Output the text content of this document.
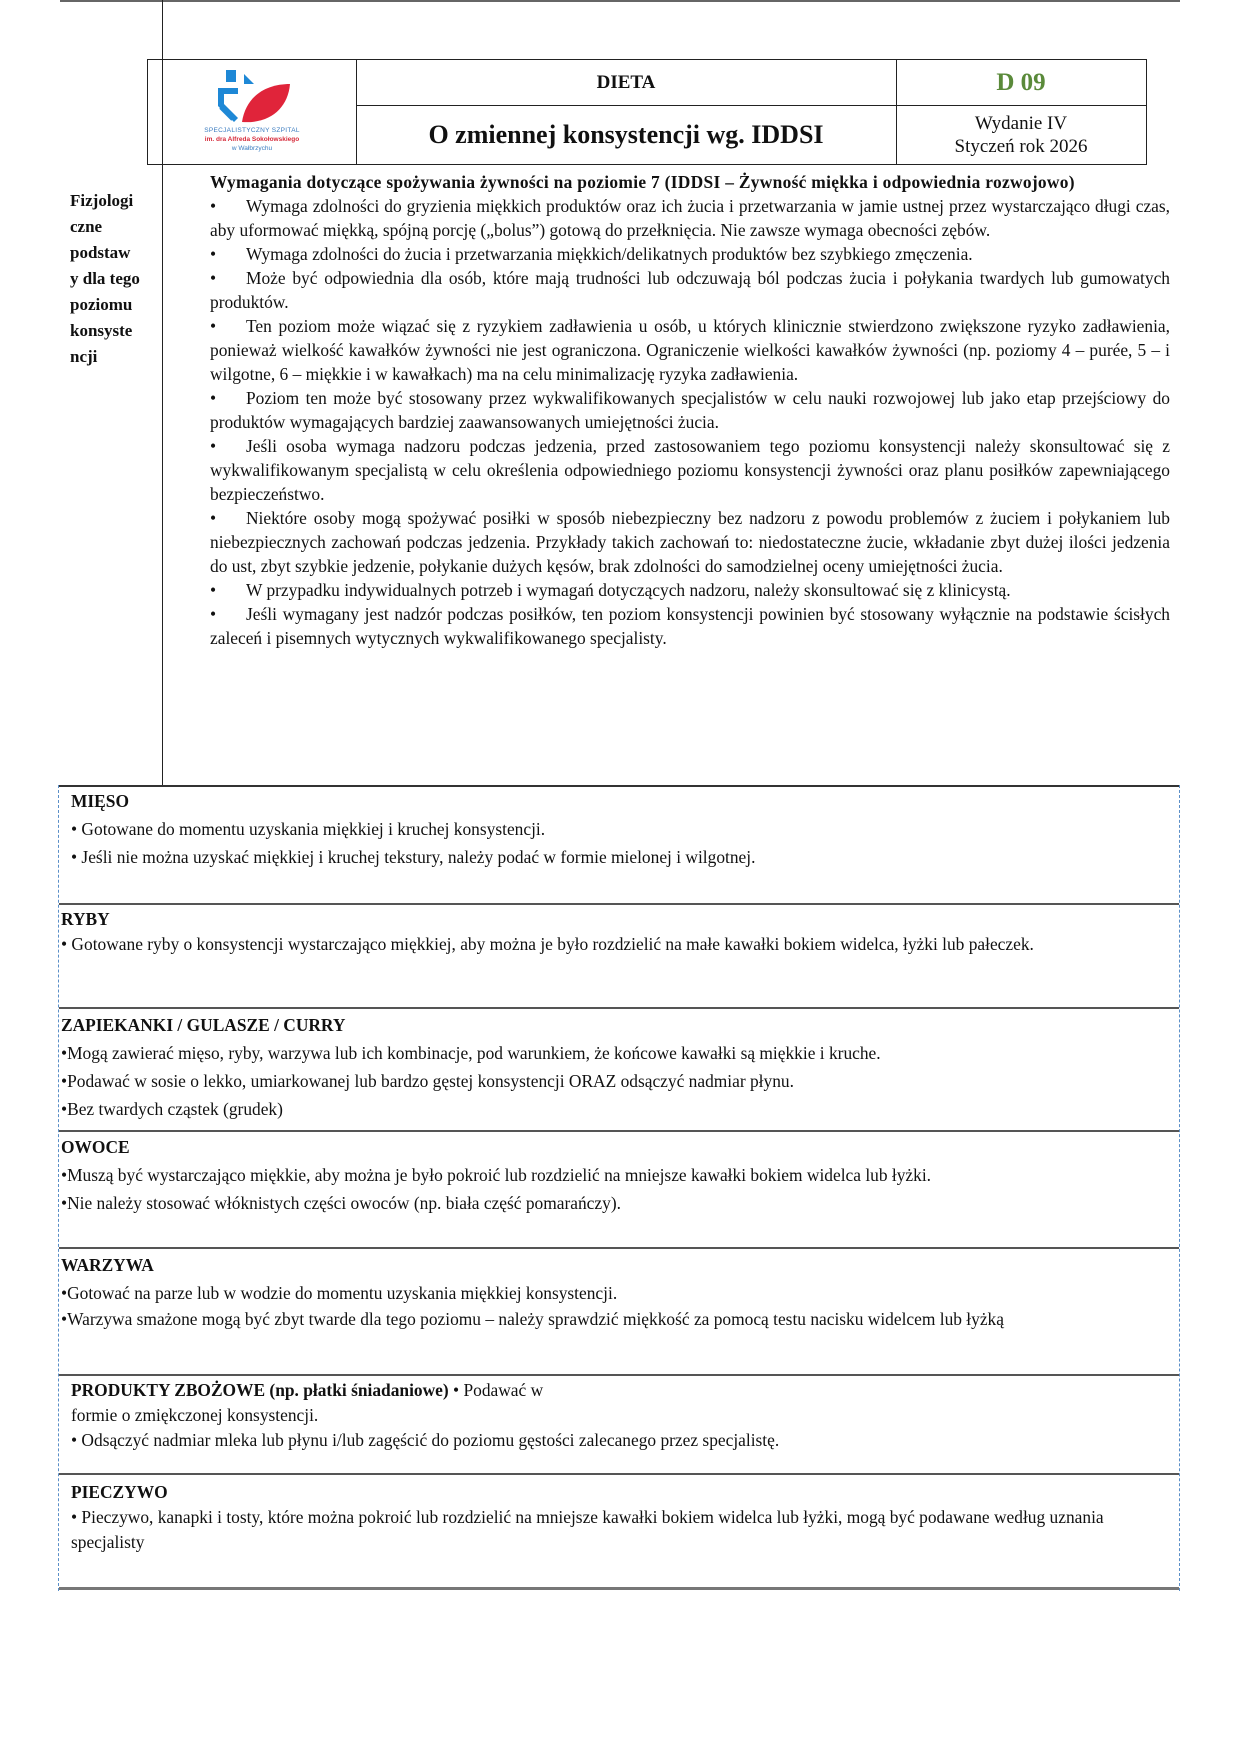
SPECJALISTYCZNY SZPITAL
im. dra Alfreda Sokołowskiego
w Wałbrzychu
DIETA
O zmiennej konsystencji wg. IDDSI
D 09
Wydanie IV
Styczeń rok 2026
Fizjologi
czne
podstaw
y dla tego
poziomu
konsyste
ncji
Wymagania dotyczące spożywania żywności na poziomie 7 (IDDSI – Żywność miękka i odpowiednia rozwojowo)
• Wymaga zdolności do gryzienia miękkich produktów oraz ich żucia i przetwarzania w jamie ustnej przez wystarczająco długi czas, aby uformować miękką, spójną porcję („bolus”) gotową do przełknięcia. Nie zawsze wymaga obecności zębów.
• Wymaga zdolności do żucia i przetwarzania miękkich/delikatnych produktów bez szybkiego zmęczenia.
• Może być odpowiednia dla osób, które mają trudności lub odczuwają ból podczas żucia i połykania twardych lub gumowatych produktów.
• Ten poziom może wiązać się z ryzykiem zadławienia u osób, u których klinicznie stwierdzono zwiększone ryzyko zadławienia, ponieważ wielkość kawałków żywności nie jest ograniczona. Ograniczenie wielkości kawałków żywności (np. poziomy 4 – purée, 5 – i wilgotne, 6 – miękkie i w kawałkach) ma na celu minimalizację ryzyka zadławienia.
• Poziom ten może być stosowany przez wykwalifikowanych specjalistów w celu nauki rozwojowej lub jako etap przejściowy do produktów wymagających bardziej zaawansowanych umiejętności żucia.
• Jeśli osoba wymaga nadzoru podczas jedzenia, przed zastosowaniem tego poziomu konsystencji należy skonsultować się z wykwalifikowanym specjalistą w celu określenia odpowiedniego poziomu konsystencji żywności oraz planu posiłków zapewniającego bezpieczeństwo.
• Niektóre osoby mogą spożywać posiłki w sposób niebezpieczny bez nadzoru z powodu problemów z żuciem i połykaniem lub niebezpiecznych zachowań podczas jedzenia. Przykłady takich zachowań to: niedostateczne żucie, wkładanie zbyt dużej ilości jedzenia do ust, zbyt szybkie jedzenie, połykanie dużych kęsów, brak zdolności do samodzielnej oceny umiejętności żucia.
• W przypadku indywidualnych potrzeb i wymagań dotyczących nadzoru, należy skonsultować się z klinicystą.
• Jeśli wymagany jest nadzór podczas posiłków, ten poziom konsystencji powinien być stosowany wyłącznie na podstawie ścisłych zaleceń i pisemnych wytycznych wykwalifikowanego specjalisty.
MIĘSO
• Gotowane do momentu uzyskania miękkiej i kruchej konsystencji.
• Jeśli nie można uzyskać miękkiej i kruchej tekstury, należy podać w formie mielonej i wilgotnej.
RYBY
• Gotowane ryby o konsystencji wystarczająco miękkiej, aby można je było rozdzielić na małe kawałki bokiem widelca, łyżki lub pałeczek.
ZAPIEKANKI / GULASZE / CURRY
•Mogą zawierać mięso, ryby, warzywa lub ich kombinacje, pod warunkiem, że końcowe kawałki są miękkie i kruche.
•Podawać w sosie o lekko, umiarkowanej lub bardzo gęstej konsystencji ORAZ odsączyć nadmiar płynu.
•Bez twardych cząstek (grudek)
OWOCE
•Muszą być wystarczająco miękkie, aby można je było pokroić lub rozdzielić na mniejsze kawałki bokiem widelca lub łyżki.
•Nie należy stosować włóknistych części owoców (np. biała część pomarańczy).
WARZYWA
•Gotować na parze lub w wodzie do momentu uzyskania miękkiej konsystencji.
•Warzywa smażone mogą być zbyt twarde dla tego poziomu – należy sprawdzić miękkość za pomocą testu nacisku widelcem lub łyżką
PRODUKTY ZBOŻOWE (np. płatki śniadaniowe) • Podawać w
formie o zmiękczonej konsystencji.
• Odsączyć nadmiar mleka lub płynu i/lub zagęścić do poziomu gęstości zalecanego przez specjalistę.
PIECZYWO
• Pieczywo, kanapki i tosty, które można pokroić lub rozdzielić na mniejsze kawałki bokiem widelca lub łyżki, mogą być podawane według uznania specjalisty
